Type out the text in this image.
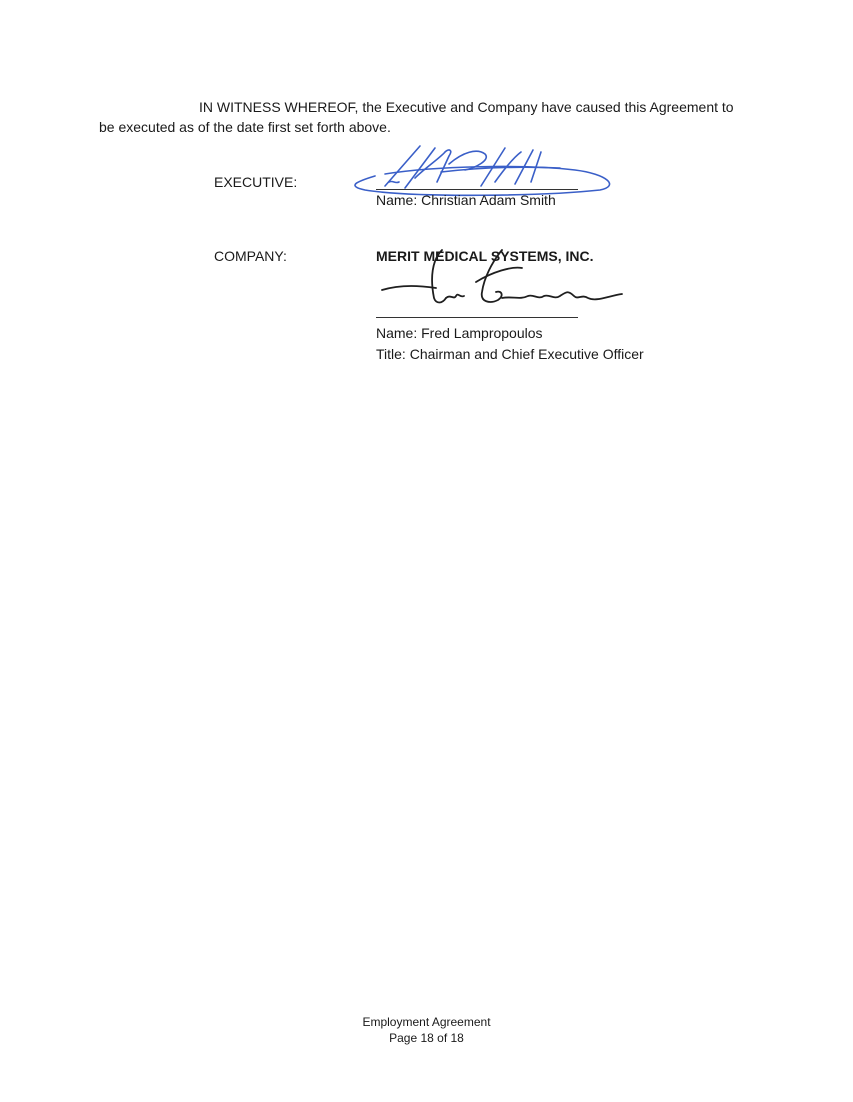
IN WITNESS WHEREOF, the Executive and Company have caused this Agreement to be executed as of the date first set forth above.

EXECUTIVE:
Name: Christian Adam Smith
COMPANY:	MERIT MEDICAL SYSTEMS, INC.
Name: Fred Lampropoulos
Title: Chairman and Chief Executive Officer
Employment Agreement
Page 18 of 18
